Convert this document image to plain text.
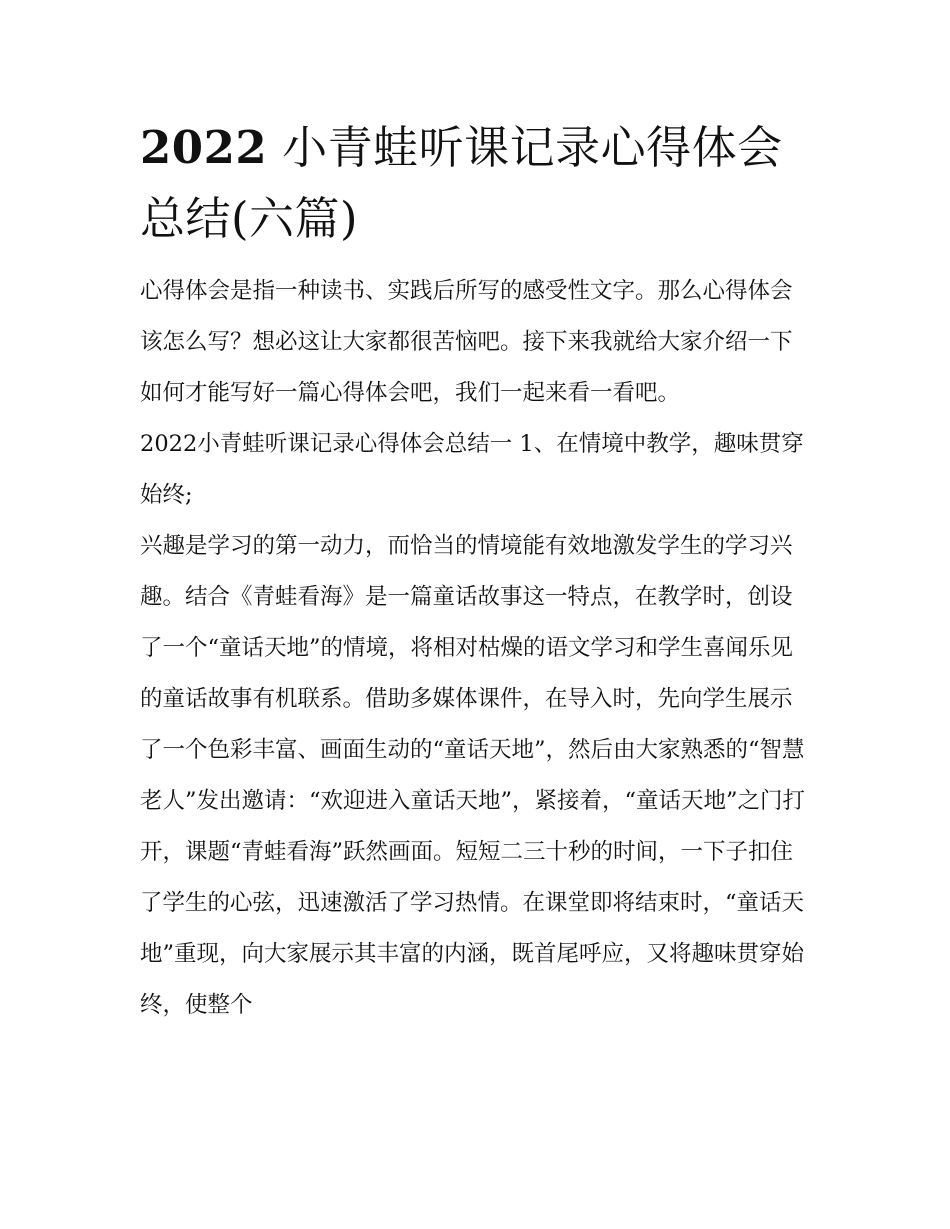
2022 小青蛙听课记录心得体会总结(六篇)

心得体会是指一种读书、实践后所写的感受性文字。那么心得体会该怎么写？想必这让大家都很苦恼吧。接下来我就给大家介绍一下如何才能写好一篇心得体会吧，我们一起来看一看吧。

2022小青蛙听课记录心得体会总结一 1、在情境中教学，趣味贯穿始终;

兴趣是学习的第一动力，而恰当的情境能有效地激发学生的学习兴趣。结合《青蛙看海》是一篇童话故事这一特点，在教学时，创设了一个“童话天地”的情境，将相对枯燥的语文学习和学生喜闻乐见的童话故事有机联系。借助多媒体课件，在导入时，先向学生展示了一个色彩丰富、画面生动的“童话天地”，然后由大家熟悉的“智慧老人”发出邀请：“欢迎进入童话天地”，紧接着，“童话天地”之门打开，课题“青蛙看海”跃然画面。短短二三十秒的时间，一下子扣住了学生的心弦，迅速激活了学习热情。在课堂即将结束时，“童话天地”重现，向大家展示其丰富的内涵，既首尾呼应，又将趣味贯穿始终，使整个
